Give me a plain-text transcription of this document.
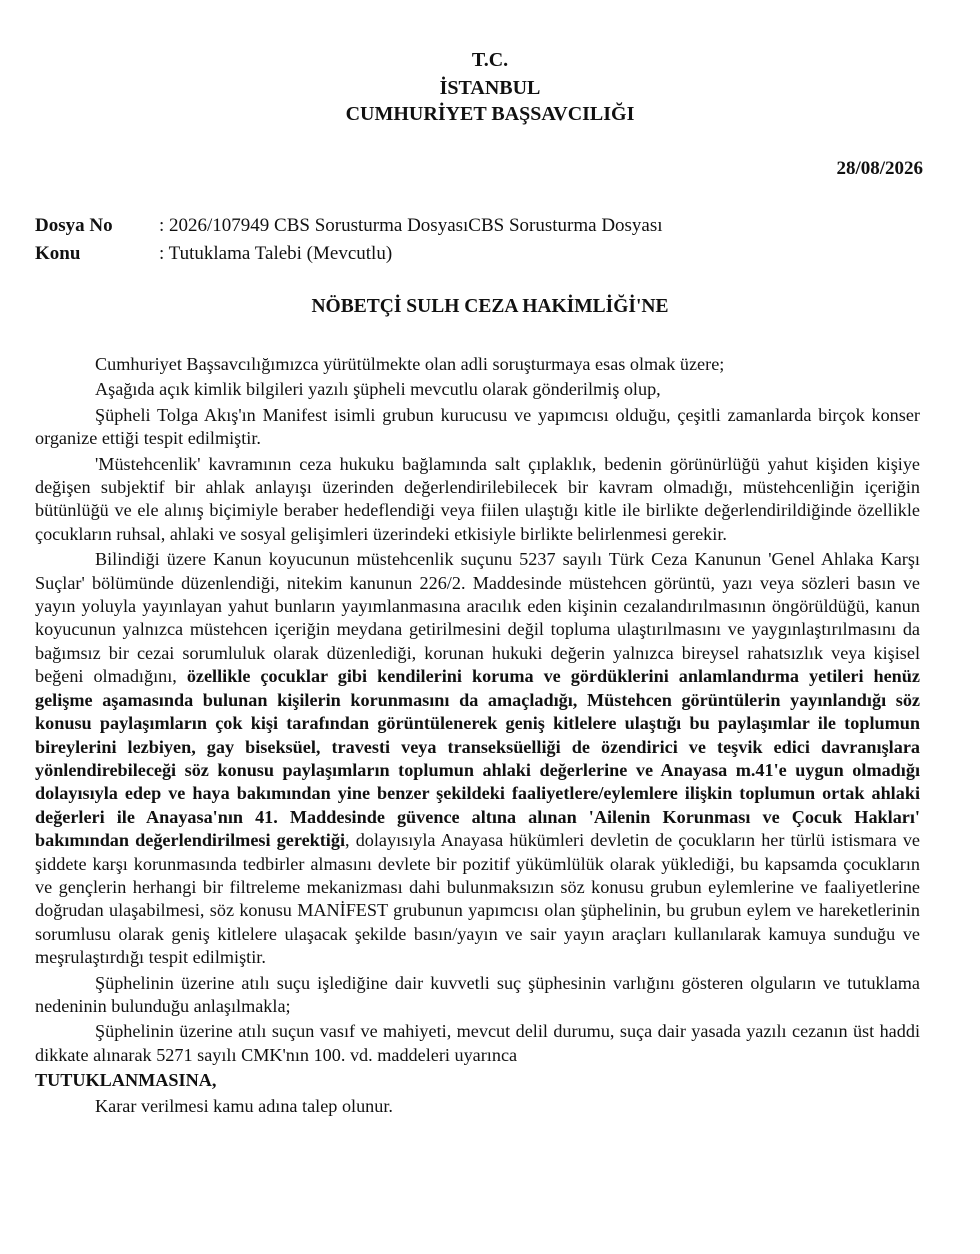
T.C.
İSTANBUL
CUMHURİYET BAŞSAVCILIĞI
28/08/2026
Dosya No	: 2026/107949 CBS Sorusturma DosyasıCBS Sorusturma Dosyası
Konu	: Tutuklama Talebi (Mevcutlu)
NÖBETÇİ SULH CEZA HAKİMLİĞİ'NE

Cumhuriyet Başsavcılığımızca yürütülmekte olan adli soruşturmaya esas olmak üzere;

Aşağıda açık kimlik bilgileri yazılı şüpheli mevcutlu olarak gönderilmiş olup,

Şüpheli Tolga Akış'ın Manifest isimli grubun kurucusu ve yapımcısı olduğu, çeşitli zamanlarda birçok konser organize ettiği tespit edilmiştir.

'Müstehcenlik' kavramının ceza hukuku bağlamında salt çıplaklık, bedenin görünürlüğü yahut kişiden kişiye değişen subjektif bir ahlak anlayışı üzerinden değerlendirilebilecek bir kavram olmadığı, müstehcenliğin içeriğin bütünlüğü ve ele alınış biçimiyle beraber hedeflendiği veya fiilen ulaştığı kitle ile birlikte değerlendirildiğinde özellikle çocukların ruhsal, ahlaki ve sosyal gelişimleri üzerindeki etkisiyle birlikte belirlenmesi gerekir.

Bilindiği üzere Kanun koyucunun müstehcenlik suçunu 5237 sayılı Türk Ceza Kanunun 'Genel Ahlaka Karşı Suçlar' bölümünde düzenlendiği, nitekim kanunun 226/2. Maddesinde müstehcen görüntü, yazı veya sözleri basın ve yayın yoluyla yayınlayan yahut bunların yayımlanmasına aracılık eden kişinin cezalandırılmasının öngörüldüğü, kanun koyucunun yalnızca müstehcen içeriğin meydana getirilmesini değil topluma ulaştırılmasını ve yaygınlaştırılmasını da bağımsız bir cezai sorumluluk olarak düzenlediği, korunan hukuki değerin yalnızca bireysel rahatsızlık veya kişisel beğeni olmadığını, özellikle çocuklar gibi kendilerini koruma ve gördüklerini anlamlandırma yetileri henüz gelişme aşamasında bulunan kişilerin korunmasını da amaçladığı, Müstehcen görüntülerin yayınlandığı söz konusu paylaşımların çok kişi tarafından görüntülenerek geniş kitlelere ulaştığı bu paylaşımlar ile toplumun bireylerini lezbiyen, gay biseksüel, travesti veya transeksüelliği de özendirici ve teşvik edici davranışlara yönlendirebileceği söz konusu paylaşımların toplumun ahlaki değerlerine ve Anayasa m.41'e uygun olmadığı dolayısıyla edep ve haya bakımından yine benzer şekildeki faaliyetlere/eylemlere ilişkin toplumun ortak ahlaki değerleri ile Anayasa'nın 41. Maddesinde güvence altına alınan 'Ailenin Korunması ve Çocuk Hakları' bakımından değerlendirilmesi gerektiği, dolayısıyla Anayasa hükümleri devletin de çocukların her türlü istismara ve şiddete karşı korunmasında tedbirler almasını devlete bir pozitif yükümlülük olarak yüklediği, bu kapsamda çocukların ve gençlerin herhangi bir filtreleme mekanizması dahi bulunmaksızın söz konusu grubun eylemlerine ve faaliyetlerine doğrudan ulaşabilmesi, söz konusu MANİFEST grubunun yapımcısı olan şüphelinin, bu grubun eylem ve hareketlerinin sorumlusu olarak geniş kitlelere ulaşacak şekilde basın/yayın ve sair yayın araçları kullanılarak kamuya sunduğu ve meşrulaştırdığı tespit edilmiştir.

Şüphelinin üzerine atılı suçu işlediğine dair kuvvetli suç şüphesinin varlığını gösteren olguların ve tutuklama nedeninin bulunduğu anlaşılmakla;

Şüphelinin üzerine atılı suçun vasıf ve mahiyeti, mevcut delil durumu, suça dair yasada yazılı cezanın üst haddi dikkate alınarak 5271 sayılı CMK'nın 100. vd. maddeleri uyarınca

TUTUKLANMASINA,

Karar verilmesi kamu adına talep olunur.
